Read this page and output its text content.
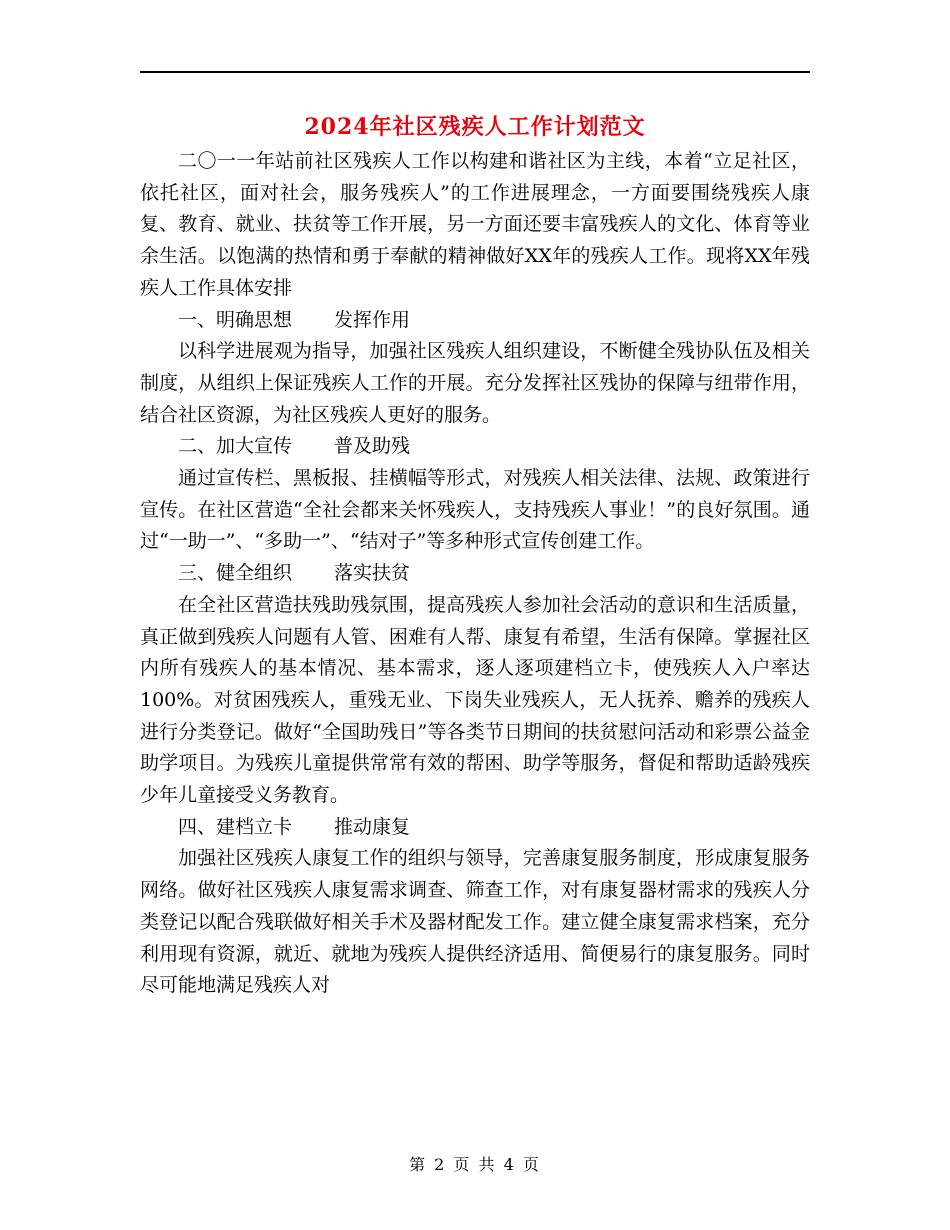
2024年社区残疾人工作计划范文

二〇一一年站前社区残疾人工作以构建和谐社区为主线，本着“立足社区，依托社区，面对社会，服务残疾人”的工作进展理念，一方面要围绕残疾人康复、教育、就业、扶贫等工作开展，另一方面还要丰富残疾人的文化、体育等业余生活。以饱满的热情和勇于奉献的精神做好XX年的残疾人工作。现将XX年残疾人工作具体安排

一、明确思想 发挥作用

以科学进展观为指导，加强社区残疾人组织建设，不断健全残协队伍及相关制度，从组织上保证残疾人工作的开展。充分发挥社区残协的保障与纽带作用，结合社区资源，为社区残疾人更好的服务。

二、加大宣传 普及助残

通过宣传栏、黑板报、挂横幅等形式，对残疾人相关法律、法规、政策进行宣传。在社区营造“全社会都来关怀残疾人，支持残疾人事业！”的良好氛围。通过“一助一”、“多助一”、“结对子”等多种形式宣传创建工作。

三、健全组织 落实扶贫

在全社区营造扶残助残氛围，提高残疾人参加社会活动的意识和生活质量，真正做到残疾人问题有人管、困难有人帮、康复有希望，生活有保障。掌握社区内所有残疾人的基本情况、基本需求，逐人逐项建档立卡，使残疾人入户率达100%。对贫困残疾人，重残无业、下岗失业残疾人，无人抚养、赡养的残疾人进行分类登记。做好“全国助残日”等各类节日期间的扶贫慰问活动和彩票公益金助学项目。为残疾儿童提供常常有效的帮困、助学等服务，督促和帮助适龄残疾少年儿童接受义务教育。

四、建档立卡 推动康复

加强社区残疾人康复工作的组织与领导，完善康复服务制度，形成康复服务网络。做好社区残疾人康复需求调查、筛查工作，对有康复器材需求的残疾人分类登记以配合残联做好相关手术及器材配发工作。建立健全康复需求档案，充分利用现有资源，就近、就地为残疾人提供经济适用、简便易行的康复服务。同时尽可能地满足残疾人对

第 2 页 共 4 页
